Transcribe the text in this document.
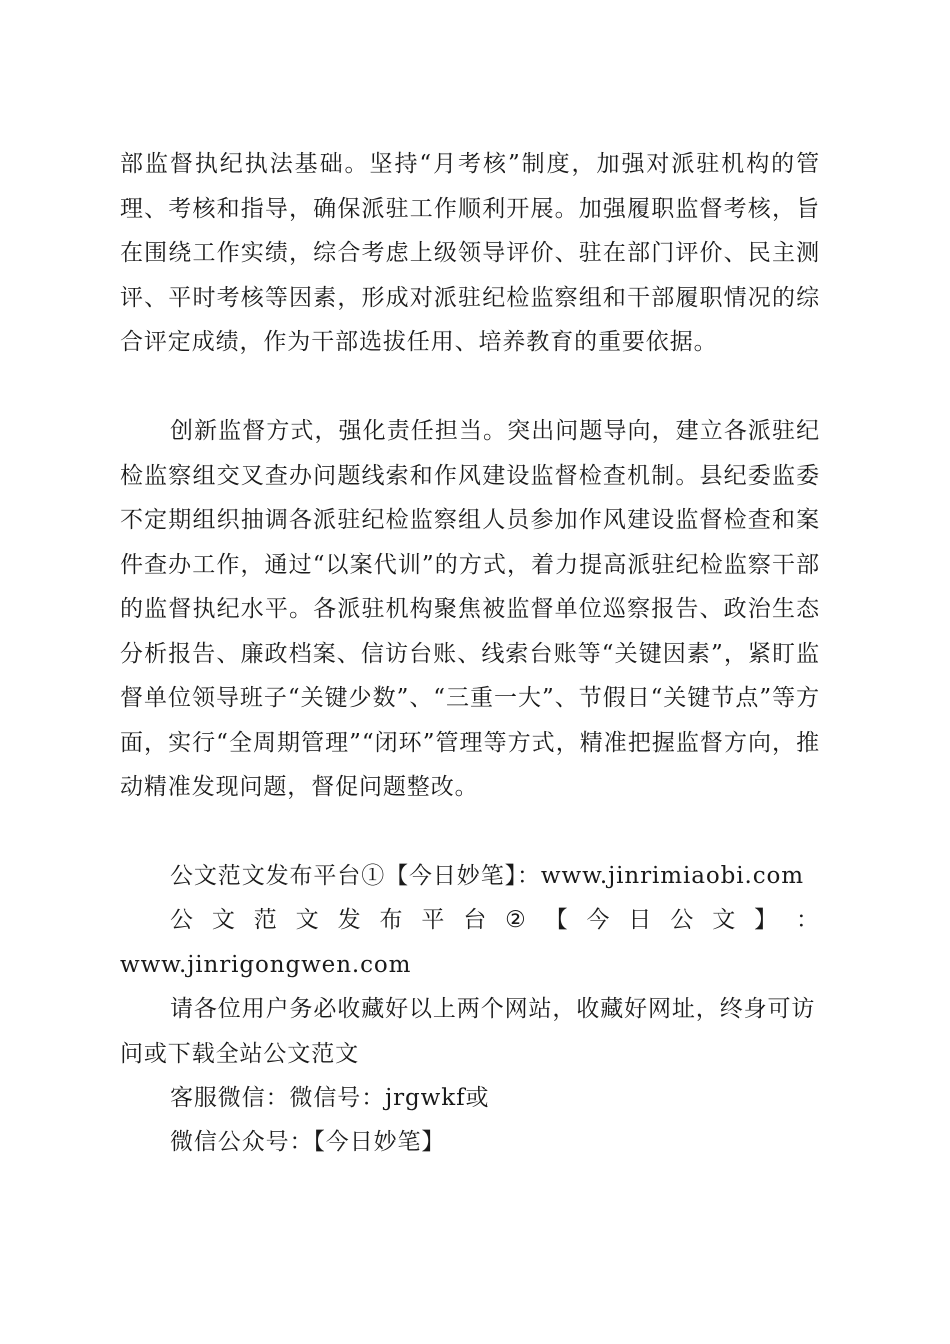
部监督执纪执法基础。坚持“月考核”制度，加强对派驻机构的管理、考核和指导，确保派驻工作顺利开展。加强履职监督考核，旨在围绕工作实绩，综合考虑上级领导评价、驻在部门评价、民主测评、平时考核等因素，形成对派驻纪检监察组和干部履职情况的综合评定成绩，作为干部选拔任用、培养教育的重要依据。
创新监督方式，强化责任担当。突出问题导向，建立各派驻纪检监察组交叉查办问题线索和作风建设监督检查机制。县纪委监委不定期组织抽调各派驻纪检监察组人员参加作风建设监督检查和案件查办工作，通过“以案代训”的方式，着力提高派驻纪检监察干部的监督执纪水平。各派驻机构聚焦被监督单位巡察报告、政治生态分析报告、廉政档案、信访台账、线索台账等“关键因素”，紧盯监督单位领导班子“关键少数”、“三重一大”、节假日“关键节点”等方面，实行“全周期管理”“闭环”管理等方式，精准把握监督方向，推动精准发现问题，督促问题整改。
公文范文发布平台①【今日妙笔】：www.jinrimiaobi.com
公 文 范 文 发 布 平 台 ② 【 今 日 公 文 】 ：
www.jinrigongwen.com
请各位用户务必收藏好以上两个网站，收藏好网址，终身可访问或下载全站公文范文
客服微信：微信号：jrgwkf或
微信公众号：【今日妙笔】
